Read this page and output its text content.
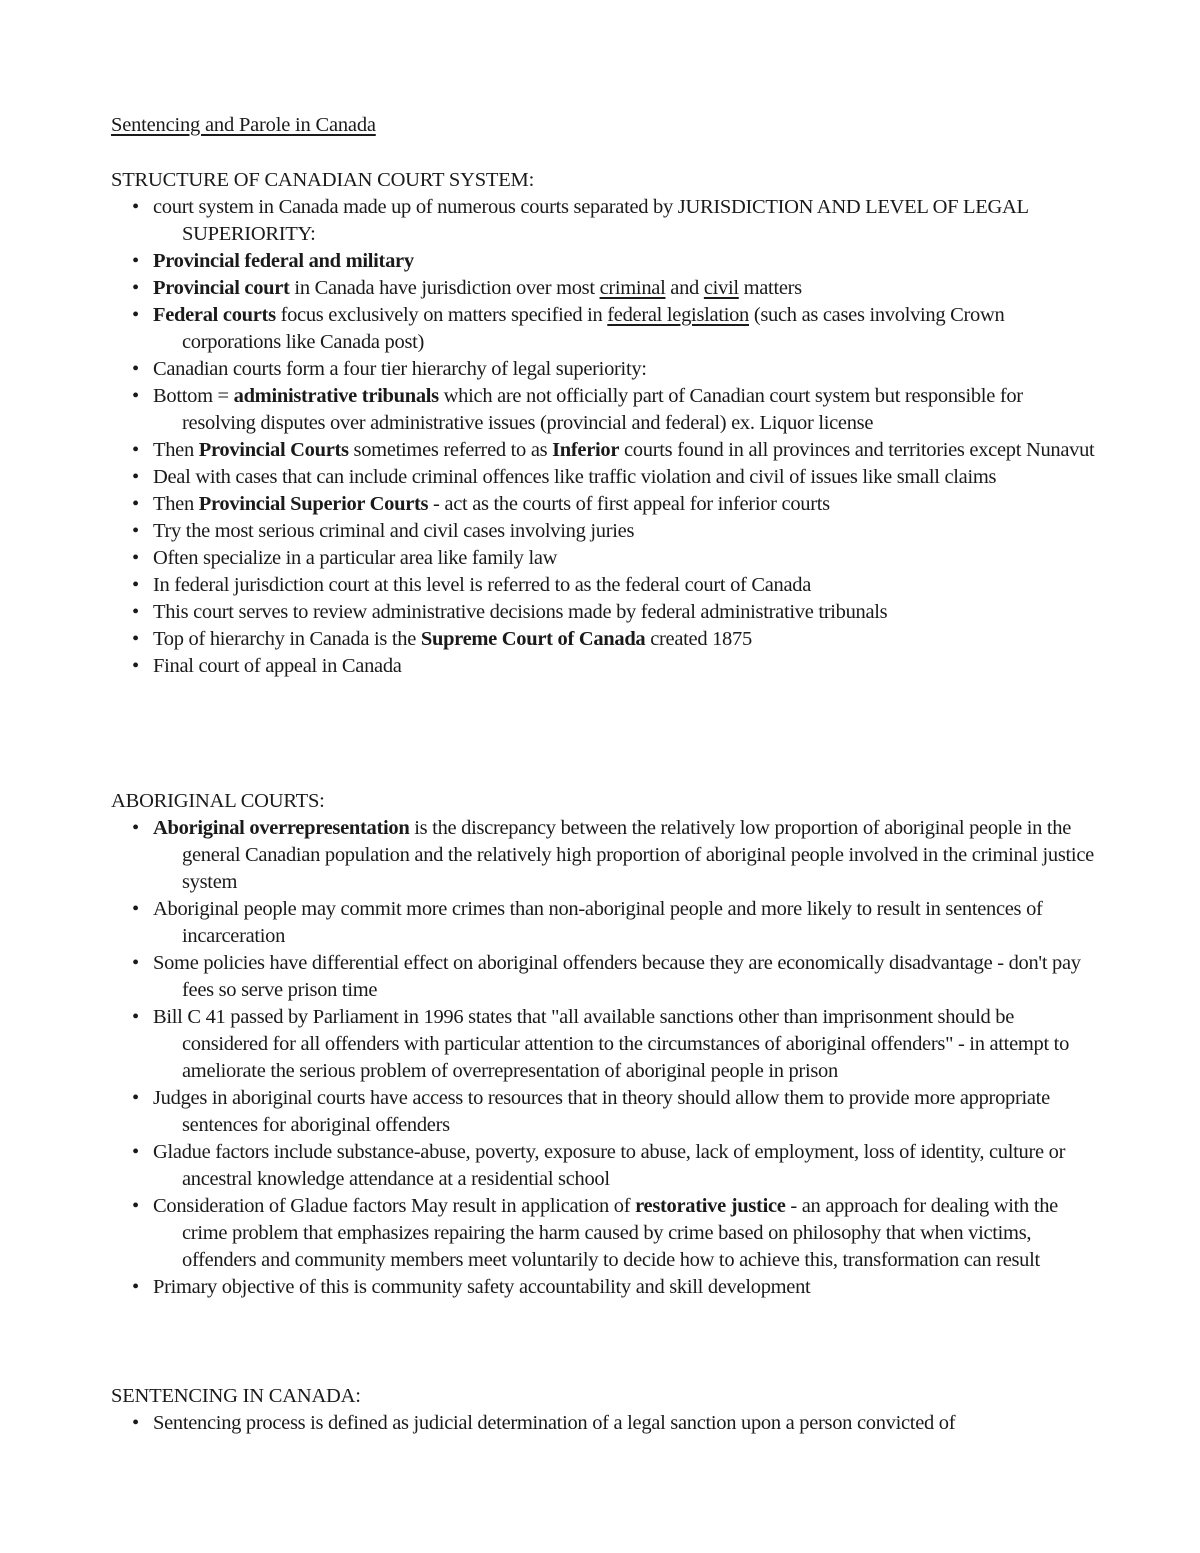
Sentencing and Parole in Canada
STRUCTURE OF CANADIAN COURT SYSTEM:
• court system in Canada made up of numerous courts separated by JURISDICTION AND LEVEL OF LEGAL SUPERIORITY:
• Provincial federal and military
• Provincial court in Canada have jurisdiction over most criminal and civil matters
• Federal courts focus exclusively on matters specified in federal legislation (such as cases involving Crown corporations like Canada post)
• Canadian courts form a four tier hierarchy of legal superiority:
• Bottom = administrative tribunals which are not officially part of Canadian court system but responsible for resolving disputes over administrative issues (provincial and federal) ex. Liquor license
• Then Provincial Courts sometimes referred to as Inferior courts found in all provinces and territories except Nunavut
• Deal with cases that can include criminal offences like traffic violation and civil of issues like small claims
• Then Provincial Superior Courts - act as the courts of first appeal for inferior courts
• Try the most serious criminal and civil cases involving juries
• Often specialize in a particular area like family law
• In federal jurisdiction court at this level is referred to as the federal court of Canada
• This court serves to review administrative decisions made by federal administrative tribunals
• Top of hierarchy in Canada is the Supreme Court of Canada created 1875
• Final court of appeal in Canada
ABORIGINAL COURTS:
• Aboriginal overrepresentation is the discrepancy between the relatively low proportion of aboriginal people in the general Canadian population and the relatively high proportion of aboriginal people involved in the criminal justice system
• Aboriginal people may commit more crimes than non-aboriginal people and more likely to result in sentences of incarceration
• Some policies have differential effect on aboriginal offenders because they are economically disadvantage - don't pay fees so serve prison time
• Bill C 41 passed by Parliament in 1996 states that "all available sanctions other than imprisonment should be considered for all offenders with particular attention to the circumstances of aboriginal offenders" - in attempt to ameliorate the serious problem of overrepresentation of aboriginal people in prison
• Judges in aboriginal courts have access to resources that in theory should allow them to provide more appropriate sentences for aboriginal offenders
• Gladue factors include substance-abuse, poverty, exposure to abuse, lack of employment, loss of identity, culture or ancestral knowledge attendance at a residential school
• Consideration of Gladue factors May result in application of restorative justice - an approach for dealing with the crime problem that emphasizes repairing the harm caused by crime based on philosophy that when victims, offenders and community members meet voluntarily to decide how to achieve this, transformation can result
• Primary objective of this is community safety accountability and skill development
SENTENCING IN CANADA:
• Sentencing process is defined as judicial determination of a legal sanction upon a person convicted of
